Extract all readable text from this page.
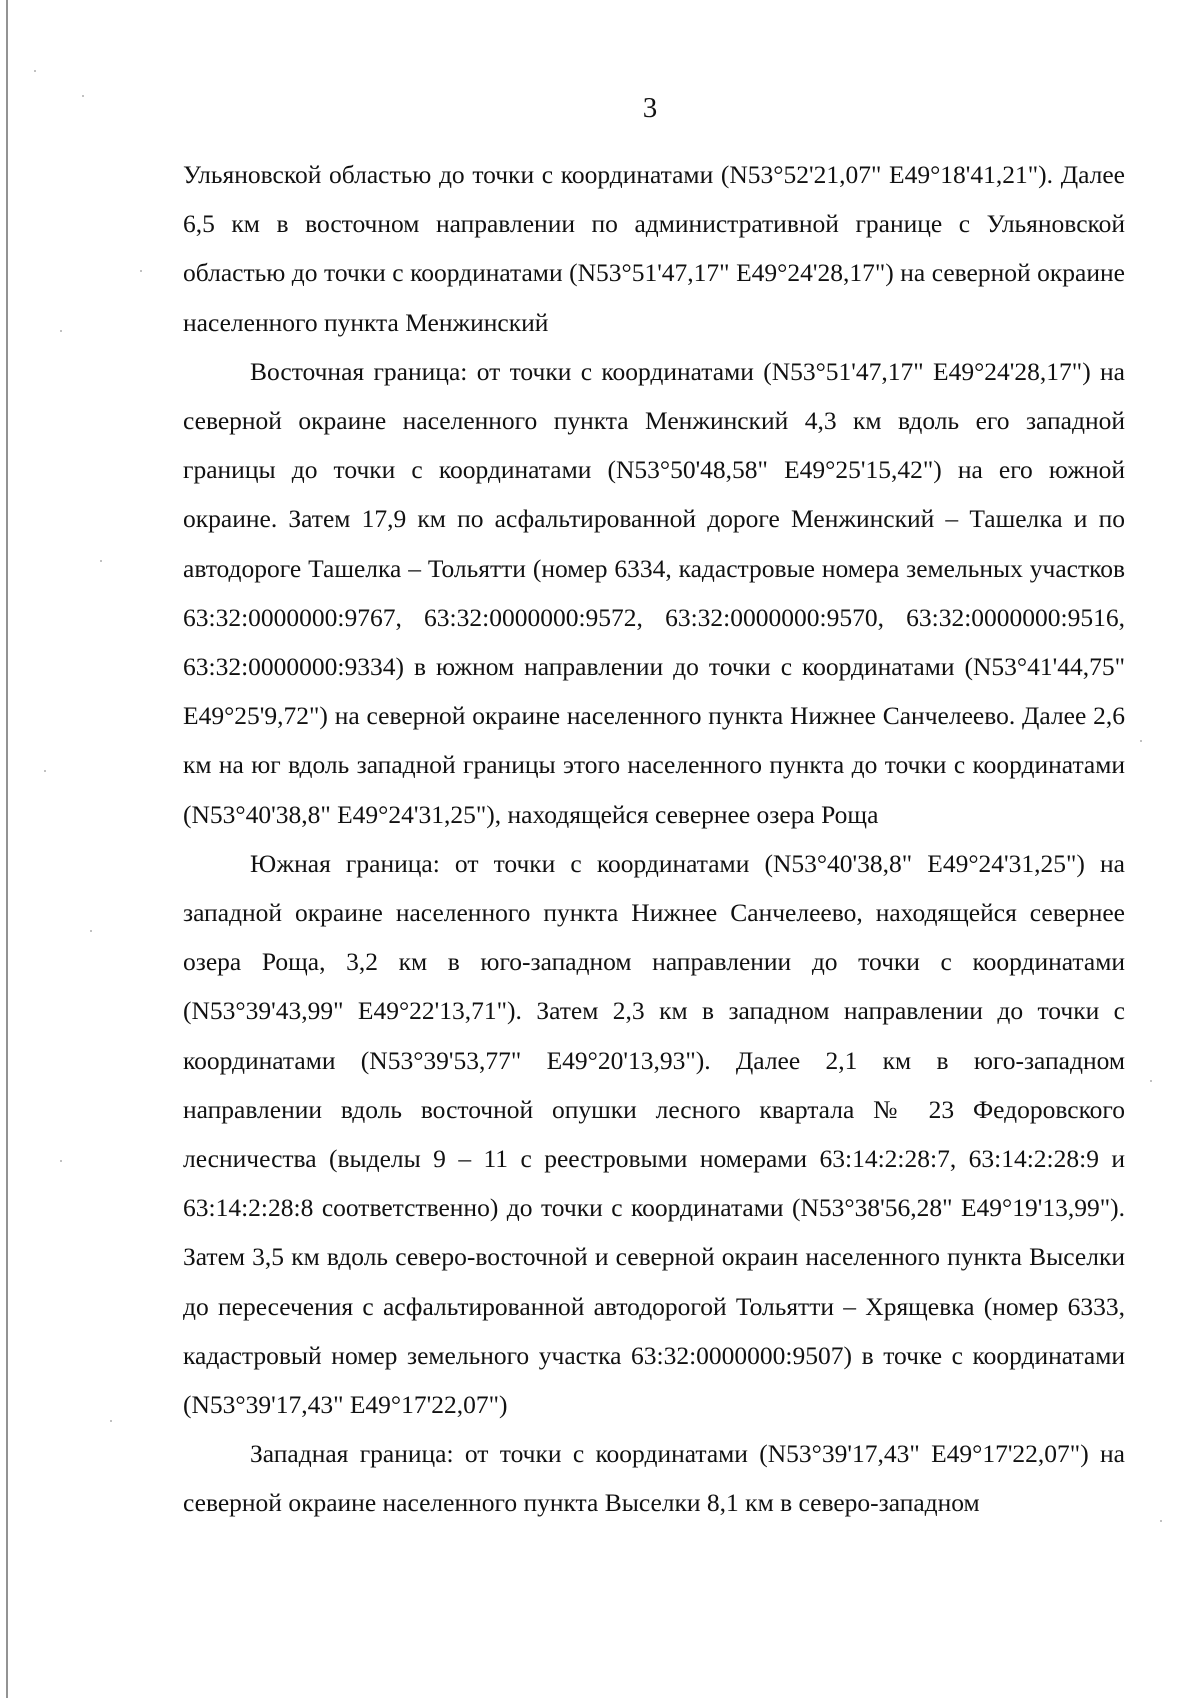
3

Ульяновской областью до точки с координатами (N53°52'21,07" E49°18'41,21"). Далее 6,5 км в восточном направлении по административной границе с Ульяновской областью до точки с координатами (N53°51'47,17" E49°24'28,17") на северной окраине населенного пункта Менжинский

Восточная граница: от точки с координатами (N53°51'47,17" E49°24'28,17") на северной окраине населенного пункта Менжинский 4,3 км вдоль его западной границы до точки с координатами (N53°50'48,58" E49°25'15,42") на его южной окраине. Затем 17,9 км по асфальтированной дороге Менжинский – Ташелка и по автодороге Ташелка – Тольятти (номер 6334, кадастровые номера земельных участков 63:32:0000000:9767, 63:32:0000000:9572, 63:32:0000000:9570, 63:32:0000000:9516, 63:32:0000000:9334) в южном направлении до точки с координатами (N53°41'44,75" E49°25'9,72") на северной окраине населенного пункта Нижнее Санчелеево. Далее 2,6 км на юг вдоль западной границы этого населенного пункта до точки с координатами (N53°40'38,8" E49°24'31,25"), находящейся севернее озера Роща

Южная граница: от точки с координатами (N53°40'38,8" E49°24'31,25") на западной окраине населенного пункта Нижнее Санчелеево, находящейся севернее озера Роща, 3,2 км в юго-западном направлении до точки с координатами (N53°39'43,99" E49°22'13,71"). Затем 2,3 км в западном направлении до точки с координатами (N53°39'53,77" E49°20'13,93"). Далее 2,1 км в юго-западном направлении вдоль восточной опушки лесного квартала № 23 Федоровского лесничества (выделы 9 – 11 с реестровыми номерами 63:14:2:28:7, 63:14:2:28:9 и 63:14:2:28:8 соответственно) до точки с координатами (N53°38'56,28" E49°19'13,99"). Затем 3,5 км вдоль северо-восточной и северной окраин населенного пункта Выселки до пересечения с асфальтированной автодорогой Тольятти – Хрящевка (номер 6333, кадастровый номер земельного участка 63:32:0000000:9507) в точке с координатами (N53°39'17,43" E49°17'22,07")

Западная граница: от точки с координатами (N53°39'17,43" E49°17'22,07") на северной окраине населенного пункта Выселки 8,1 км в северо-западном
